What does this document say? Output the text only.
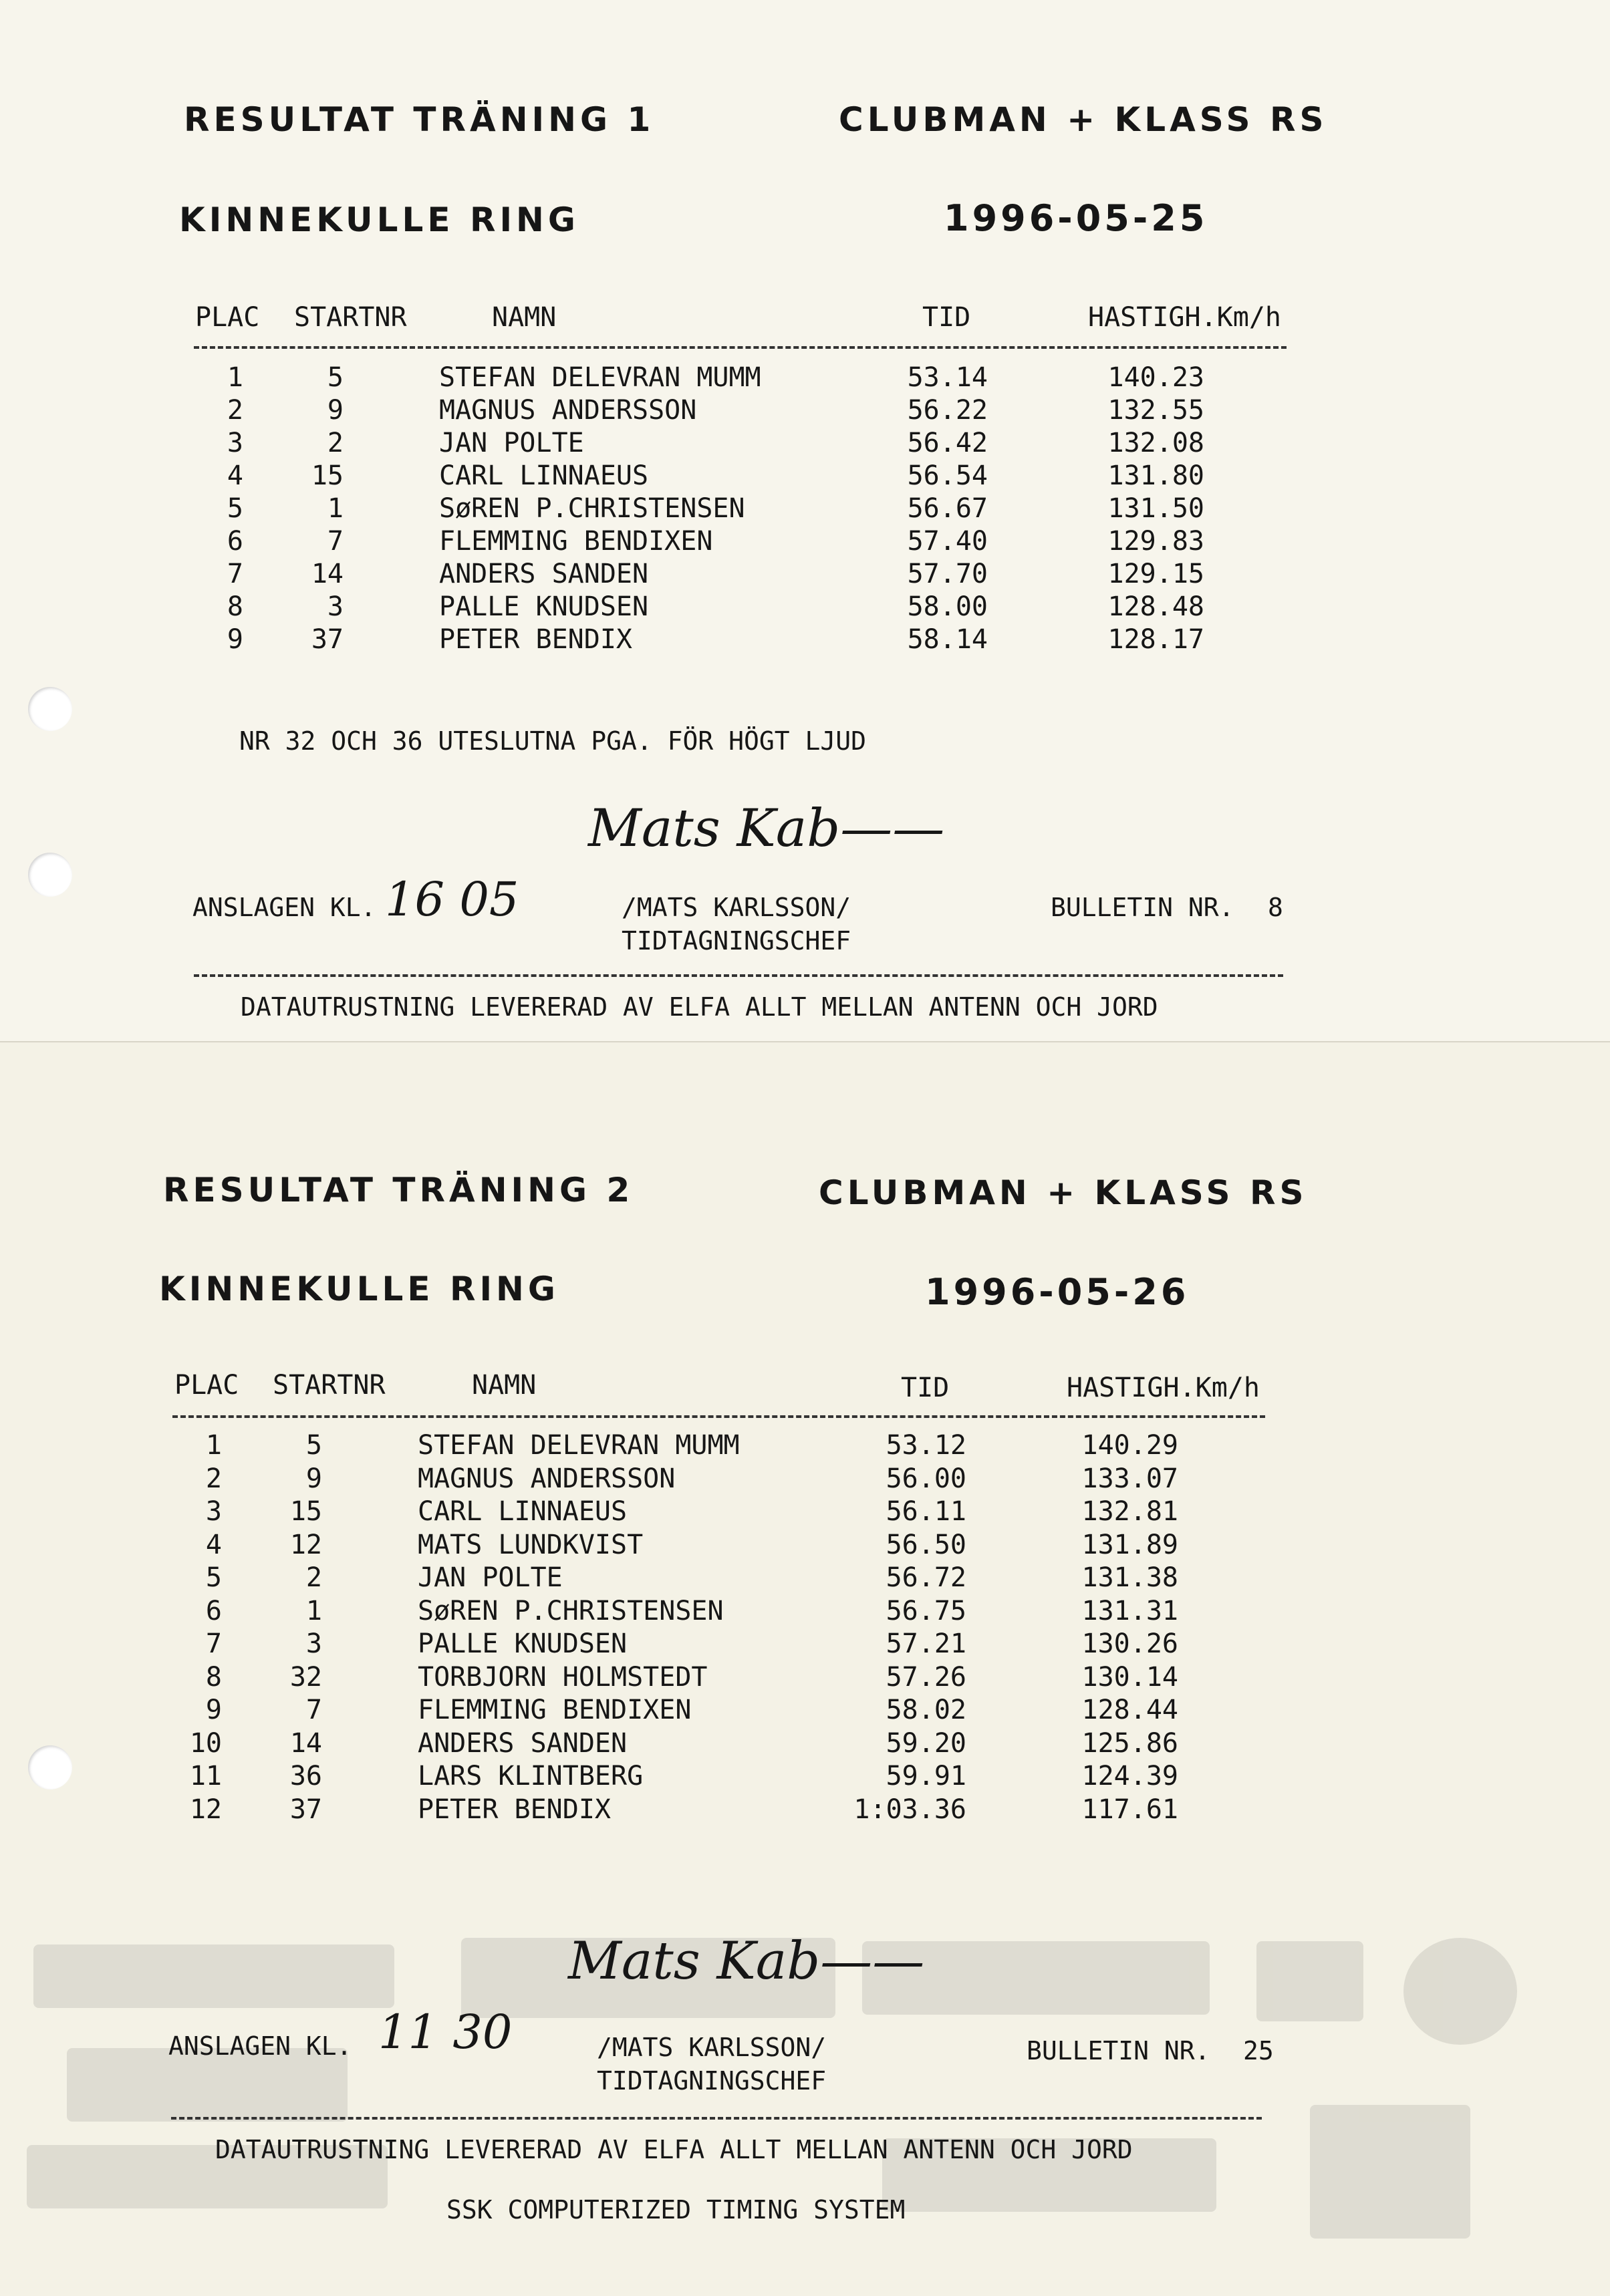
RESULTAT TRÄNING 1	CLUBMAN + KLASS RS
KINNEKULLE RING	1996-05-25
PLAC STARTNR	NAMN	TID	HASTIGH.Km/h
1	5	STEFAN DELEVRAN MUMM	53.14	140.23
2	9	MAGNUS ANDERSSON	56.22	132.55
3	2	JAN POLTE	56.42	132.08
4	15	CARL LINNAEUS	56.54	131.80
5	1	SøREN P.CHRISTENSEN	56.67	131.50
6	7	FLEMMING BENDIXEN	57.40	129.83
7	14	ANDERS SANDEN	57.70	129.15
8	3	PALLE KNUDSEN	58.00	128.48
9	37	PETER BENDIX	58.14	128.17
NR 32 OCH 36 UTESLUTNA PGA. FÖR HÖGT LJUD
Mats Kab——
ANSLAGEN KL. 16 05	/MATS KARLSSON/
TIDTAGNINGSCHEF
BULLETIN NR. 8
DATAUTRUSTNING LEVERERAD AV ELFA ALLT MELLAN ANTENN OCH JORD
RESULTAT TRÄNING 2	CLUBMAN + KLASS RS
KINNEKULLE RING	1996-05-26
PLAC STARTNR	NAMN	TID	HASTIGH.Km/h
1	5	STEFAN DELEVRAN MUMM	53.12	140.29
2	9	MAGNUS ANDERSSON	56.00	133.07
3	15	CARL LINNAEUS	56.11	132.81
4	12	MATS LUNDKVIST	56.50	131.89
5	2	JAN POLTE	56.72	131.38
6	1	SøREN P.CHRISTENSEN	56.75	131.31
7	3	PALLE KNUDSEN	57.21	130.26
8	32	TORBJORN HOLMSTEDT	57.26	130.14
9	7	FLEMMING BENDIXEN	58.02	128.44
10	14	ANDERS SANDEN	59.20	125.86
11	36	LARS KLINTBERG	59.91	124.39
12	37	PETER BENDIX	1:03.36	117.61
Mats Kab——
ANSLAGEN KL. 11 30	/MATS KARLSSON/
TIDTAGNINGSCHEF
BULLETIN NR. 25
DATAUTRUSTNING LEVERERAD AV ELFA ALLT MELLAN ANTENN OCH JORD
SSK COMPUTERIZED TIMING SYSTEM
